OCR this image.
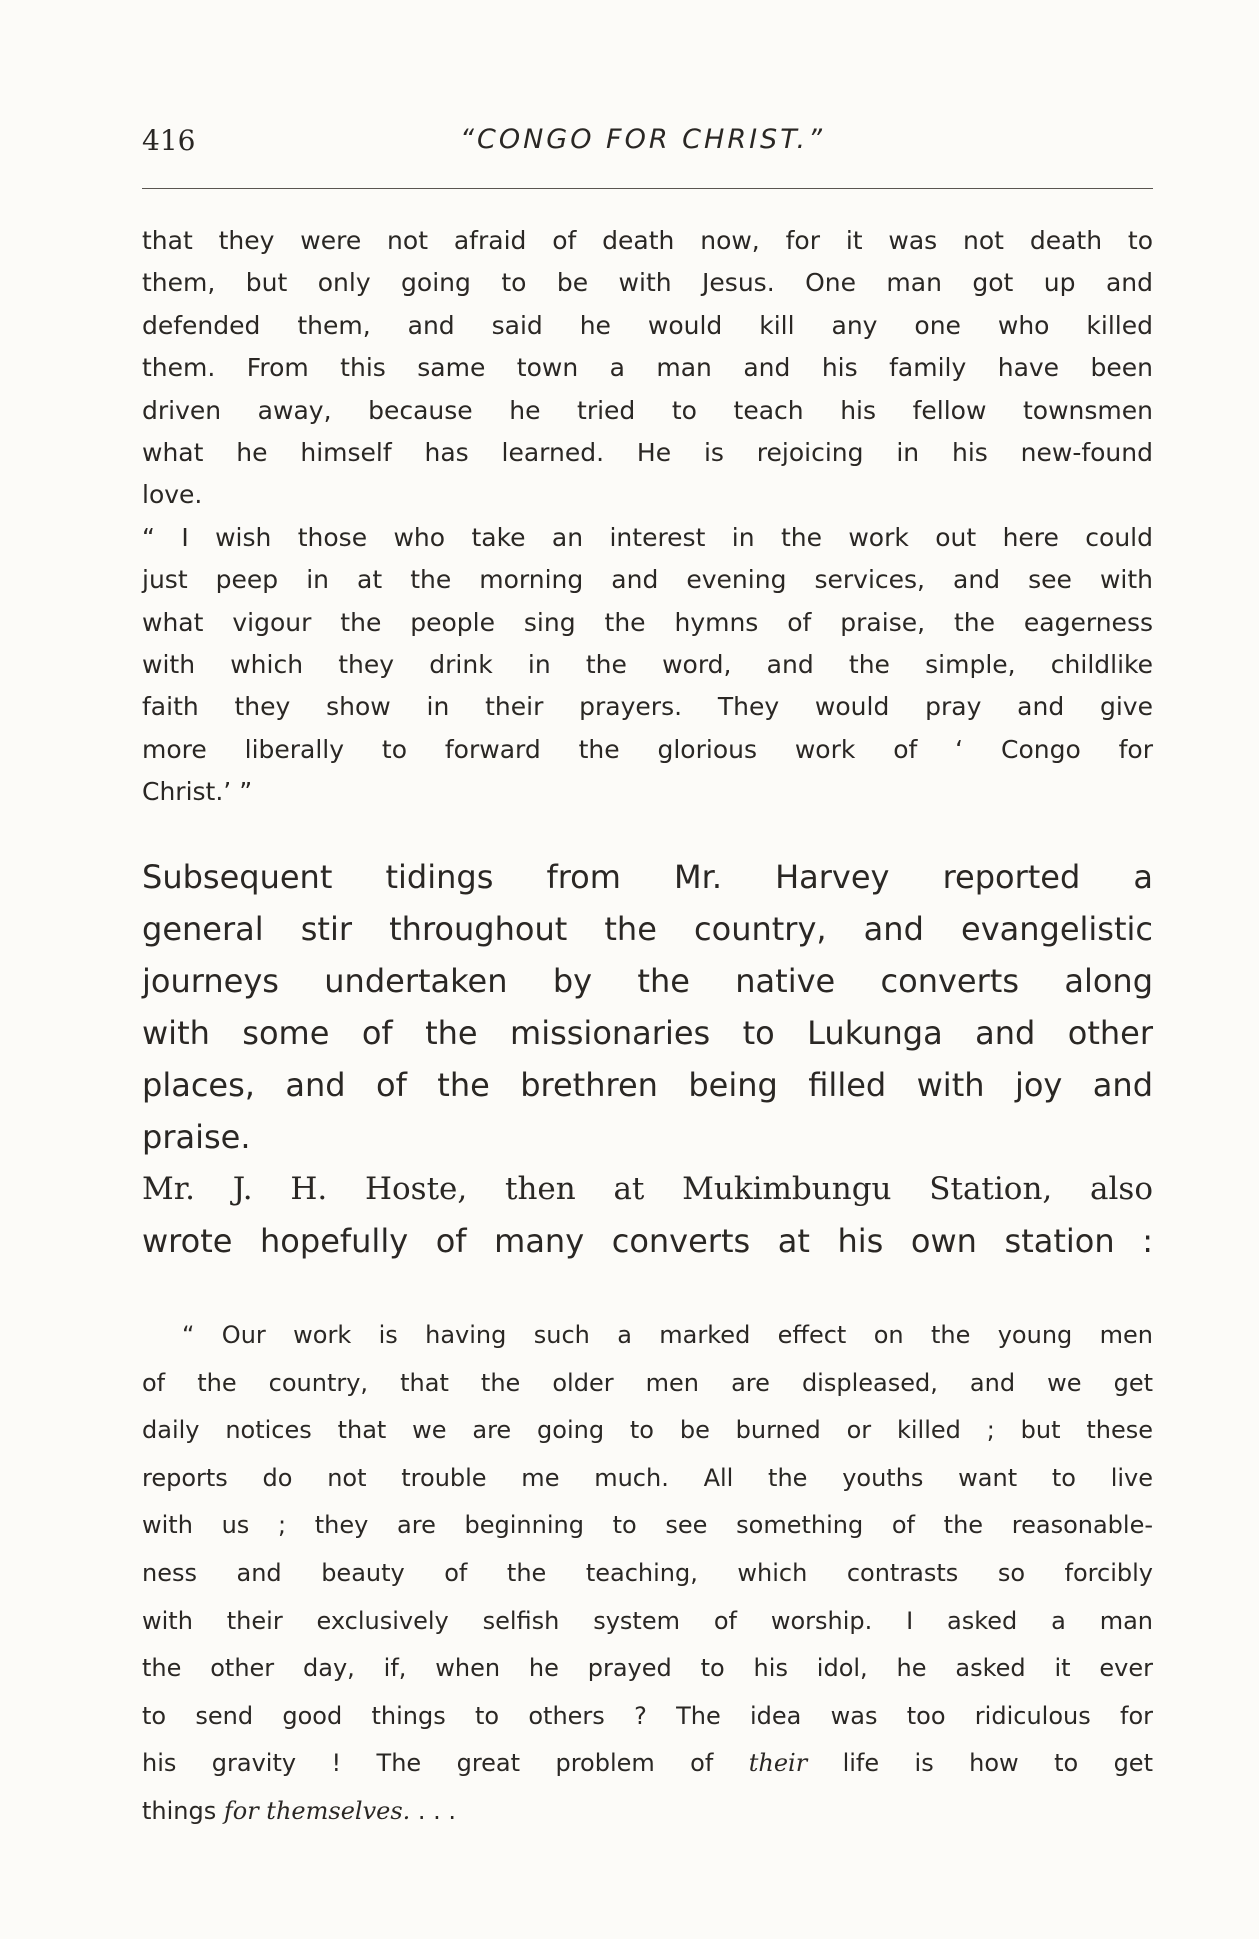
416	“CONGO FOR CHRIST.”
that they were not afraid of death now, for it was not death to
them, but only going to be with Jesus. One man got up and
defended them, and said he would kill any one who killed
them. From this same town a man and his family have been
driven away, because he tried to teach his fellow townsmen
what he himself has learned. He is rejoicing in his new-found
love.
“ I wish those who take an interest in the work out here could
just peep in at the morning and evening services, and see with
what vigour the people sing the hymns of praise, the eagerness
with which they drink in the word, and the simple, childlike
faith they show in their prayers. They would pray and give
more liberally to forward the glorious work of ‘ Congo for
Christ.’ ”
Subsequent tidings from Mr. Harvey reported a
general stir throughout the country, and evangelistic
journeys undertaken by the native converts along
with some of the missionaries to Lukunga and other
places, and of the brethren being filled with joy and
praise.
Mr. J. H. Hoste, then at Mukimbungu Station, also
wrote hopefully of many converts at his own station :
“ Our work is having such a marked effect on the young men
of the country, that the older men are displeased, and we get
daily notices that we are going to be burned or killed ; but these
reports do not trouble me much. All the youths want to live
with us ; they are beginning to see something of the reasonable-
ness and beauty of the teaching, which contrasts so forcibly
with their exclusively selfish system of worship. I asked a man
the other day, if, when he prayed to his idol, he asked it ever
to send good things to others ? The idea was too ridiculous for
his gravity ! The great problem of their life is how to get
things for themselves. . . .
